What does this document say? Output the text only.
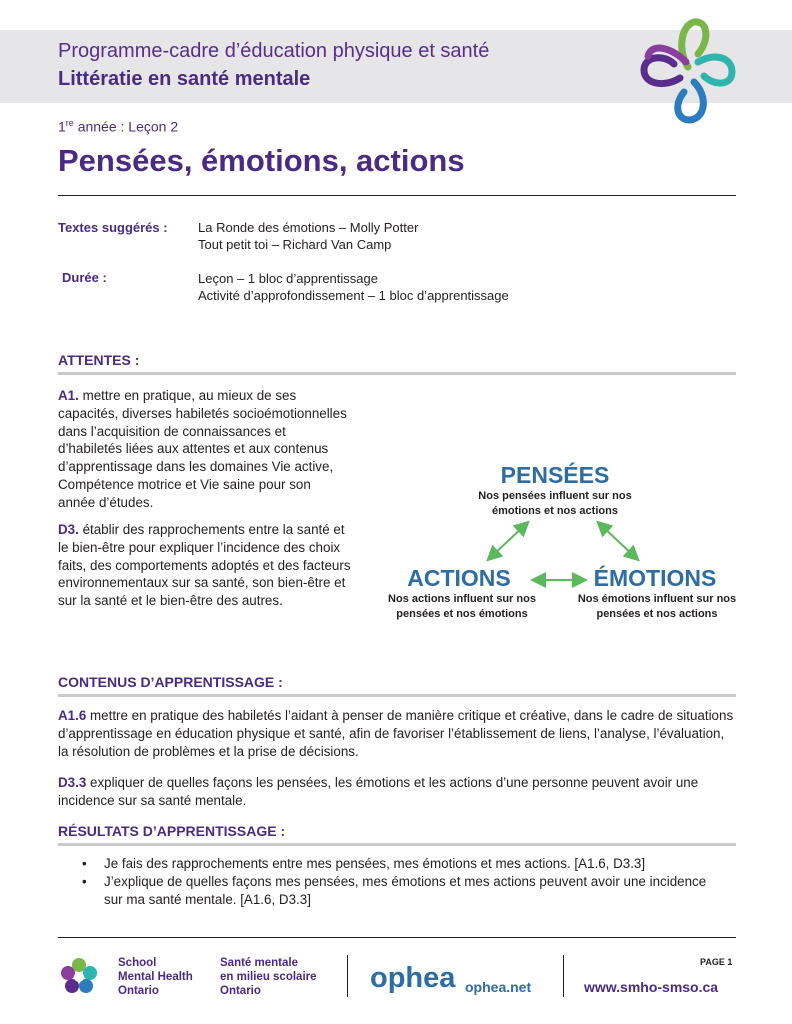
Programme-cadre d’éducation physique et santé
Littératie en santé mentale
1re année : Leçon 2
Pensées, émotions, actions
Textes suggérés : La Ronde des émotions – Molly Potter
Tout petit toi – Richard Van Camp
Durée :	Leçon – 1 bloc d’apprentissage
Activité d’approfondissement – 1 bloc d’apprentissage
ATTENTES :
A1. mettre en pratique, au mieux de ses capacités, diverses habiletés socioémotionnelles dans l’acquisition de connaissances et d’habiletés liées aux attentes et aux contenus d’apprentissage dans les domaines Vie active, Compétence motrice et Vie saine pour son année d’études.
D3. établir des rapprochements entre la santé et le bien-être pour expliquer l’incidence des choix faits, des comportements adoptés et des facteurs environnementaux sur sa santé, son bien-être et sur la santé et le bien-être des autres.
PENSÉES
Nos pensées influent sur nos émotions et nos actions
ACTIONS
Nos actions influent sur nos pensées et nos émotions
ÉMOTIONS
Nos émotions influent sur nos pensées et nos actions
CONTENUS D’APPRENTISSAGE :
A1.6 mettre en pratique des habiletés l’aidant à penser de manière critique et créative, dans le cadre de situations d’apprentissage en éducation physique et santé, afin de favoriser l’établissement de liens, l’analyse, l’évaluation, la résolution de problèmes et la prise de décisions.
D3.3 expliquer de quelles façons les pensées, les émotions et les actions d’une personne peuvent avoir une incidence sur sa santé mentale.
RÉSULTATS D’APPRENTISSAGE :
• Je fais des rapprochements entre mes pensées, mes émotions et mes actions. [A1.6, D3.3]
• J’explique de quelles façons mes pensées, mes émotions et mes actions peuvent avoir une incidence sur ma santé mentale. [A1.6, D3.3]
School
Mental Health
Ontario
Santé mentale
en milieu scolaire
Ontario	ophea ophea.net
PAGE 1
www.smho-smso.ca
